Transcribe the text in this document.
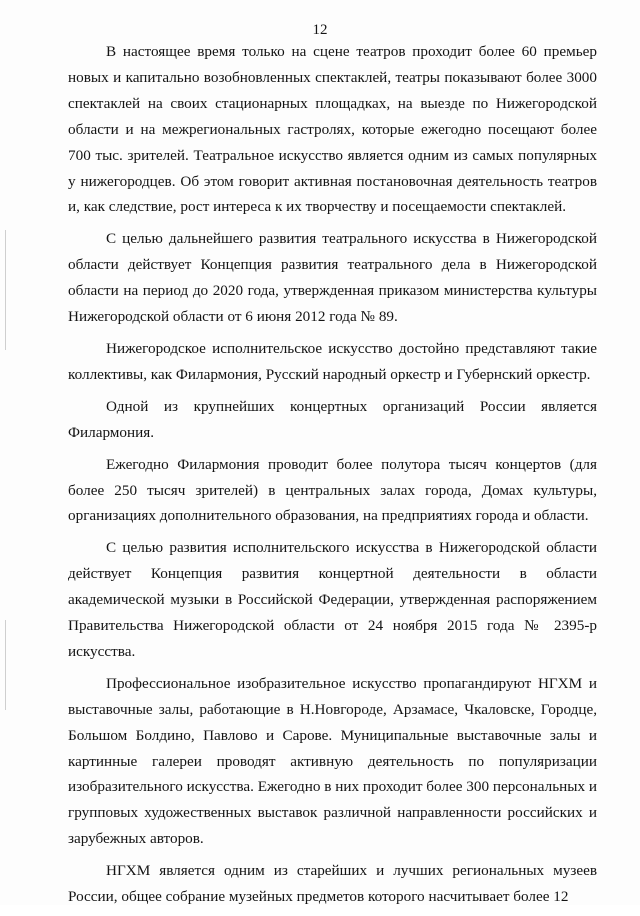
12

В настоящее время только на сцене театров проходит более 60 премьер новых и капитально возобновленных спектаклей, театры показывают более 3000 спектаклей на своих стационарных площадках, на выезде по Нижегородской области и на межрегиональных гастролях, которые ежегодно посещают более 700 тыс. зрителей. Театральное искусство является одним из самых популярных у нижегородцев. Об этом говорит активная постановочная деятельность театров и, как следствие, рост интереса к их творчеству и посещаемости спектаклей.

С целью дальнейшего развития театрального искусства в Нижегородской области действует Концепция развития театрального дела в Нижегородской области на период до 2020 года, утвержденная приказом министерства культуры Нижегородской области от 6 июня 2012 года № 89.

Нижегородское исполнительское искусство достойно представляют такие коллективы, как Филармония, Русский народный оркестр и Губернский оркестр.

Одной из крупнейших концертных организаций России является Филармония.

Ежегодно Филармония проводит более полутора тысяч концертов (для более 250 тысяч зрителей) в центральных залах города, Домах культуры, организациях дополнительного образования, на предприятиях города и области.

С целью развития исполнительского искусства в Нижегородской области действует Концепция развития концертной деятельности в области академической музыки в Российской Федерации, утвержденная распоряжением Правительства Нижегородской области от 24 ноября 2015 года № 2395-р искусства.

Профессиональное изобразительное искусство пропагандируют НГХМ и выставочные залы, работающие в Н.Новгороде, Арзамасе, Чкаловске, Городце, Большом Болдино, Павлово и Сарове. Муниципальные выставочные залы и картинные галереи проводят активную деятельность по популяризации изобразительного искусства. Ежегодно в них проходит более 300 персональных и групповых художественных выставок различной направленности российских и зарубежных авторов.

НГХМ является одним из старейших и лучших региональных музеев России, общее собрание музейных предметов которого насчитывает более 12
